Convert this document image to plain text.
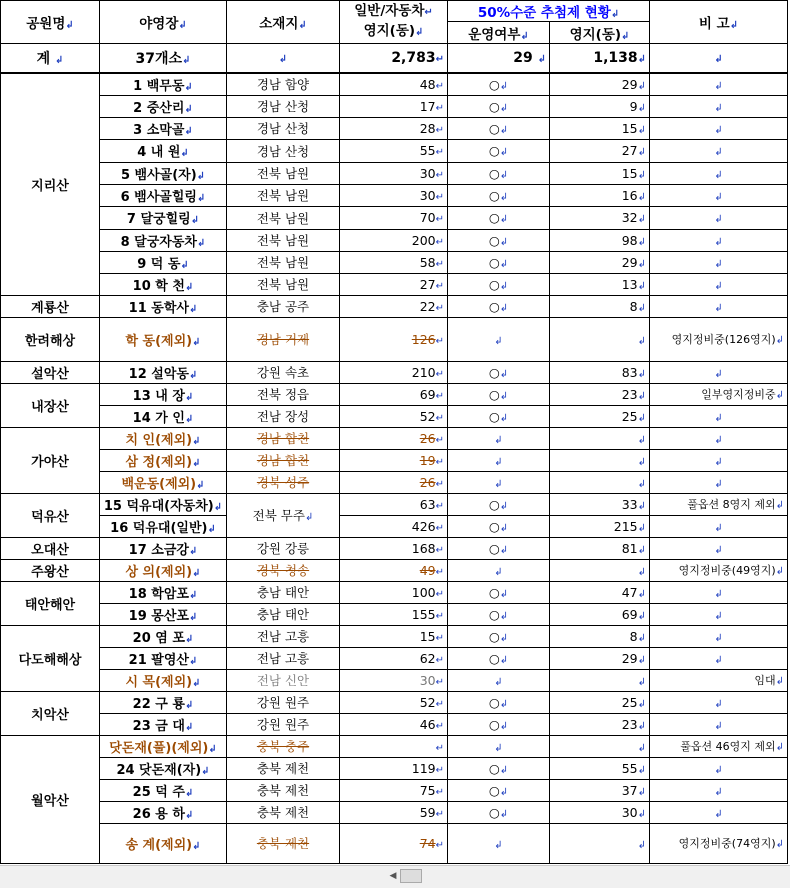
공원명↲	야영장↲	소재지↲	일반/자동차↵
영지(동)↲	50%수준 추첨제 현황↲		비 고↲
				운영여부↲	영지(동)↲	
계 ↲	37개소↲	↲	2,783↵	29 ↲	1,138↲	↲
지리산	1 백무동↲	경남 함양	48↵	○↲	29↲	↲
	2 중산리↲	경남 산청	17↵	○↲	9↲	↲
	3 소막골↲	경남 산청	28↵	○↲	15↲	↲
	4 내 원↲	경남 산청	55↵	○↲	27↲	↲
	5 뱀사골(자)↲	전북 남원	30↵	○↲	15↲	↲
	6 뱀사골힐링↲	전북 남원	30↵	○↲	16↲	↲
	7 달궁힐링↲	전북 남원	70↵	○↲	32↲	↲
	8 달궁자동차↲	전북 남원	200↵	○↲	98↲	↲
	9 덕 동↲	전북 남원	58↵	○↲	29↲	↲
	10 학 천↲	전북 남원	27↵	○↲	13↲	↲
계룡산	11 동학사↲	충남 공주	22↵	○↲	8↲	↲
한려해상	학 동(제외)↲	경남 거제	126↵	↲	↲	영지정비중(126영지)↲
설악산	12 설악동↲	강원 속초	210↵	○↲	83↲	↲
내장산	13 내 장↲	전북 정읍	69↵	○↲	23↲	일부영지정비중↲
	14 가 인↲	전남 장성	52↵	○↲	25↲	↲
가야산	치 인(제외)↲	경남 합천	26↵	↲	↲	↲
	삼 정(제외)↲	경남 합천	19↵	↲	↲	↲
	백운동(제외)↲	경북 성주	26↵	↲	↲	↲
덕유산	15 덕유대(자동차)↲	전북 무주↲	63↵	○↲	33↲	풀옵션 8영지 제외↲
	16 덕유대(일반)↲		426↵	○↲	215↲	↲
오대산	17 소금강↲	강원 강릉	168↵	○↲	81↲	↲
주왕산	상 의(제외)↲	경북 청송	49↵	↲	↲	영지정비중(49영지)↲
태안해안	18 학암포↲	충남 태안	100↵	○↲	47↲	↲
	19 몽산포↲	충남 태안	155↵	○↲	69↲	↲
다도해해상	20 염 포↲	전남 고흥	15↵	○↲	8↲	↲
	21 팔영산↲	전남 고흥	62↵	○↲	29↲	↲
	시 목(제외)↲	전남 신안	30↵	↲	↲	임대↲
치악산	22 구 룡↲	강원 원주	52↵	○↲	25↲	↲
	23 금 대↲	강원 원주	46↵	○↲	23↲	↲
월악산	닷돈재(풀)(제외)↲	충북 충주	↵	↲	↲	풀옵션 46영지 제외↲
	24 닷돈재(자)↲	충북 제천	119↵	○↲	55↲	↲
	25 덕 주↲	충북 제천	75↵	○↲	37↲	↲
	26 용 하↲	충북 제천	59↵	○↲	30↲	↲
	송 계(제외)↲	충북 제천	74↵	↲	↲	영지정비중(74영지)↲
◀
